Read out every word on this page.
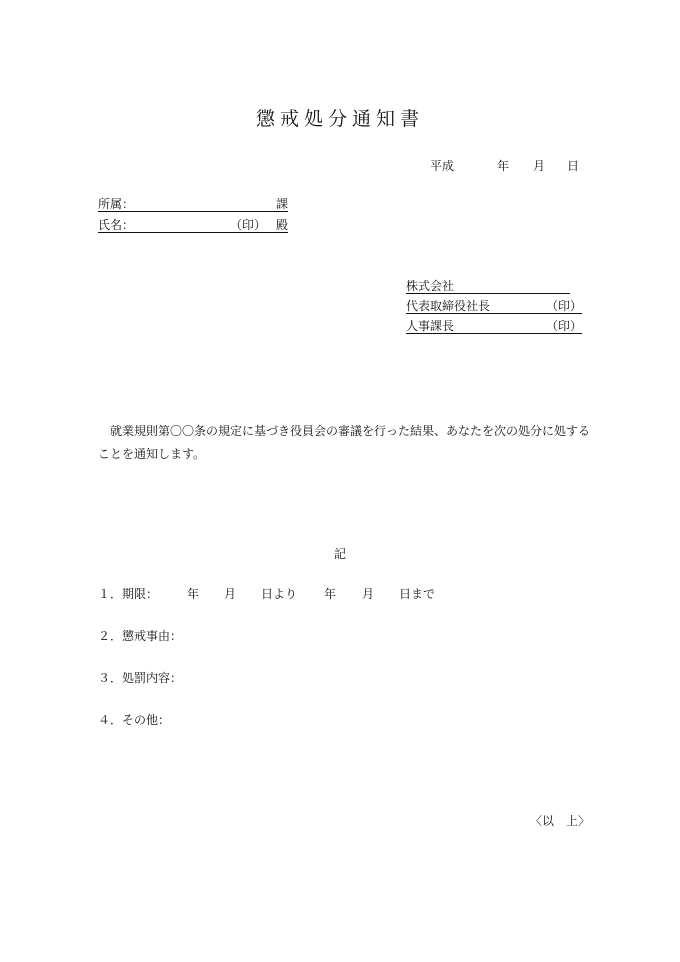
懲戒処分通知書
平成	年 月 日
所属：	課
氏名：	（印） 殿
株式会社
代表取締役社長	（印）
人事課長	（印）
就業規則第〇〇条の規定に基づき役員会の審議を行った結果、あなたを次の処分に処することを通知します。
記
１．期限： 年 月 日より 年 月 日まで
２．懲戒事由：
３．処罰内容：
４．その他：
〈以　上〉
